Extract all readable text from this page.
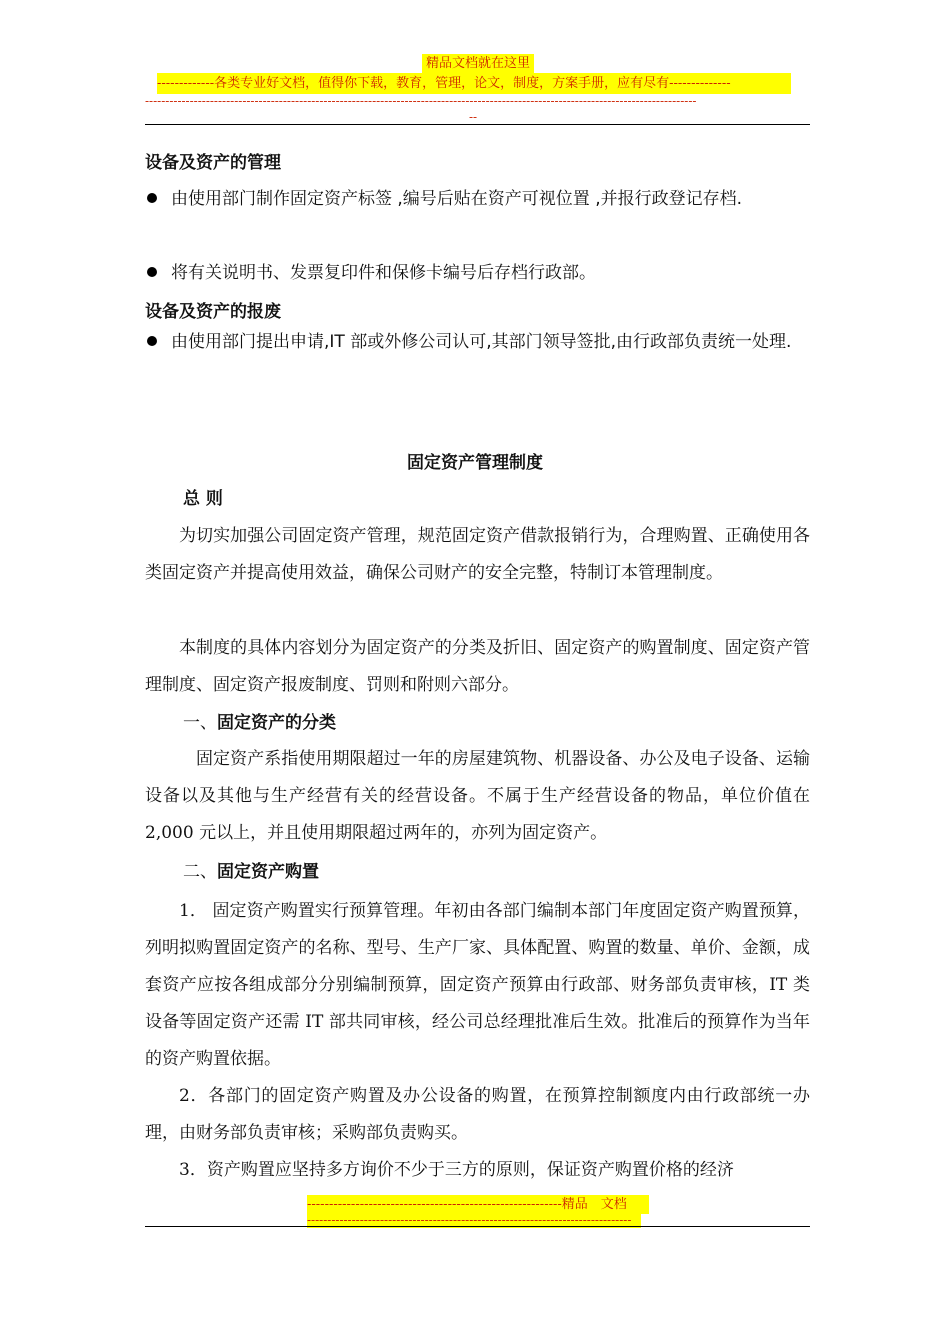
精品文档就在这里
-------------各类专业好文档，值得你下载，教育，管理，论文，制度，方案手册，应有尽有--------------
----------------------------------------------------------------------------------------------------------------------------------------
--
设备及资产的管理
由使用部门制作固定资产标签 ,编号后贴在资产可视位置 ,并报行政登记存档.
将有关说明书、发票复印件和保修卡编号后存档行政部。
设备及资产的报废
由使用部门提出申请,IT 部或外修公司认可,其部门领导签批,由行政部负责统一处理.
固定资产管理制度
总 则
为切实加强公司固定资产管理，规范固定资产借款报销行为，合理购置、正确使用各类固定资产并提高使用效益，确保公司财产的安全完整，特制订本管理制度。
本制度的具体内容划分为固定资产的分类及折旧、固定资产的购置制度、固定资产管理制度、固定资产报废制度、罚则和附则六部分。
一、固定资产的分类
固定资产系指使用期限超过一年的房屋建筑物、机器设备、办公及电子设备、运输设备以及其他与生产经营有关的经营设备。不属于生产经营设备的物品，单位价值在 2,000 元以上，并且使用期限超过两年的，亦列为固定资产。
二、固定资产购置
1． 固定资产购置实行预算管理。年初由各部门编制本部门年度固定资产购置预算，列明拟购置固定资产的名称、型号、生产厂家、具体配置、购置的数量、单价、金额，成套资产应按各组成部分分别编制预算，固定资产预算由行政部、财务部负责审核，IT 类设备等固定资产还需 IT 部共同审核，经公司总经理批准后生效。批准后的预算作为当年的资产购置依据。
2．各部门的固定资产购置及办公设备的购置，在预算控制额度内由行政部统一办理，由财务部负责审核；采购部负责购买。
3．资产购置应坚持多方询价不少于三方的原则，保证资产购置价格的经济
----------------------------------------------------------精品　文档
--------------------------------------------------------------------------------
